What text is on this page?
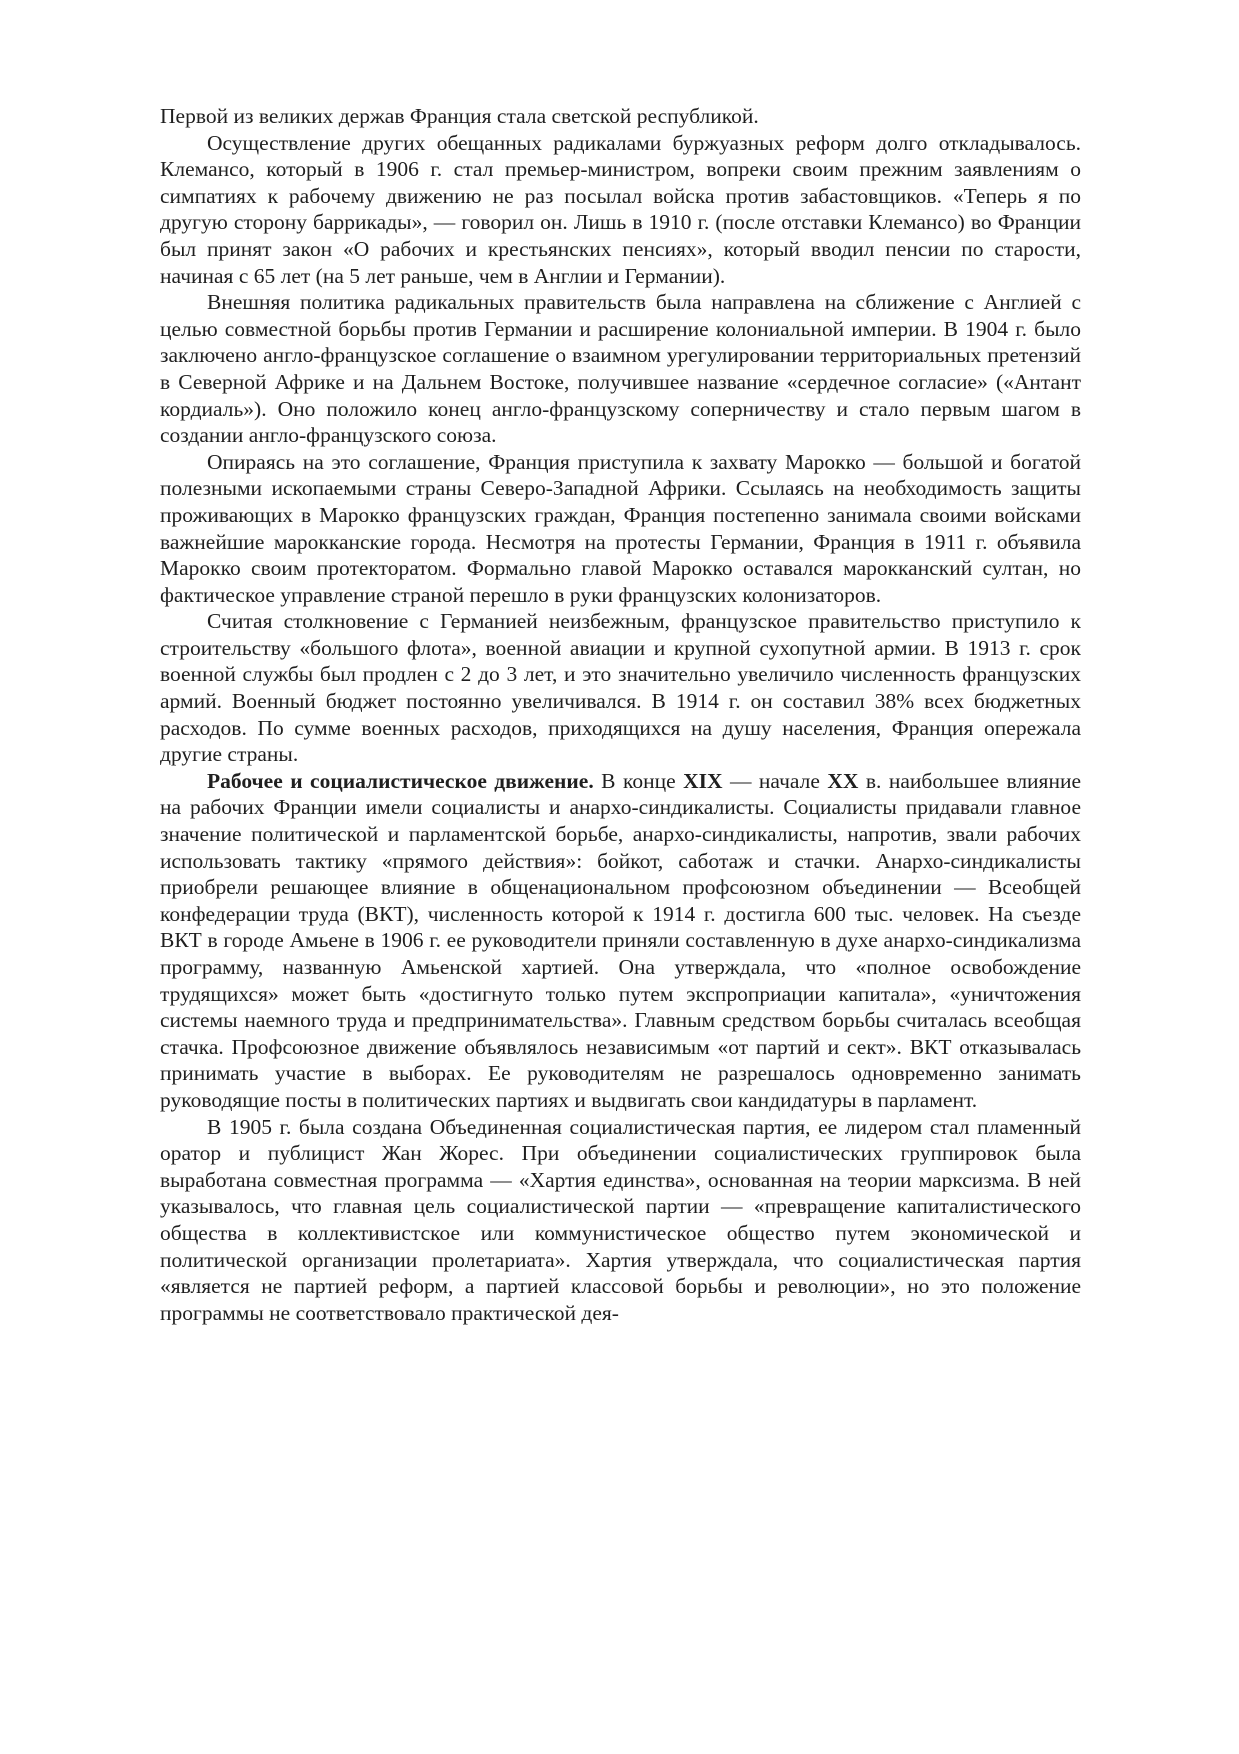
Первой из великих держав Франция стала светской республикой.

Осуществление других обещанных радикалами буржуазных реформ долго откладывалось. Клемансо, который в 1906 г. стал премьер-министром, вопреки своим прежним заявлениям о симпатиях к рабочему движению не раз посылал войска против забастовщиков. «Теперь я по другую сторону баррикады», — говорил он. Лишь в 1910 г. (после отставки Клемансо) во Франции был принят закон «О рабочих и крестьянских пенсиях», который вводил пенсии по старости, начиная с 65 лет (на 5 лет раньше, чем в Англии и Германии).

Внешняя политика радикальных правительств была направлена на сближение с Англией с целью совместной борьбы против Германии и расширение колониальной империи. В 1904 г. было заключено англо-французское соглашение о взаимном урегулировании территориальных претензий в Северной Африке и на Дальнем Востоке, получившее название «сердечное согласие» («Антант кордиаль»). Оно положило конец англо-французскому соперничеству и стало первым шагом в создании англо-французского союза.

Опираясь на это соглашение, Франция приступила к захвату Марокко — большой и богатой полезными ископаемыми страны Северо-Западной Африки. Ссылаясь на необходимость защиты проживающих в Марокко французских граждан, Франция постепенно занимала своими войсками важнейшие марокканские города. Несмотря на протесты Германии, Франция в 1911 г. объявила Марокко своим протекторатом. Формально главой Марокко оставался марокканский султан, но фактическое управление страной перешло в руки французских колонизаторов.

Считая столкновение с Германией неизбежным, французское правительство приступило к строительству «большого флота», военной авиации и крупной сухопутной армии. В 1913 г. срок военной службы был продлен с 2 до 3 лет, и это значительно увеличило численность французских армий. Военный бюджет постоянно увеличивался. В 1914 г. он составил 38% всех бюджетных расходов. По сумме военных расходов, приходящихся на душу населения, Франция опережала другие страны.

Рабочее и социалистическое движение. В конце XIX — начале XX в. наибольшее влияние на рабочих Франции имели социалисты и анархо-синдикалисты. Социалисты придавали главное значение политической и парламентской борьбе, анархо-синдикалисты, напротив, звали рабочих использовать тактику «прямого действия»: бойкот, саботаж и стачки. Анархо-синдикалисты приобрели решающее влияние в общенациональном профсоюзном объединении — Всеобщей конфедерации труда (ВКТ), численность которой к 1914 г. достигла 600 тыс. человек. На съезде ВКТ в городе Амьене в 1906 г. ее руководители приняли составленную в духе анархо-синдикализма программу, названную Амьенской хартией. Она утверждала, что «полное освобождение трудящихся» может быть «достигнуто только путем экспроприации капитала», «уничтожения системы наемного труда и предпринимательства». Главным средством борьбы считалась всеобщая стачка. Профсоюзное движение объявлялось независимым «от партий и сект». ВКТ отказывалась принимать участие в выборах. Ее руководителям не разрешалось одновременно занимать руководящие посты в политических партиях и выдвигать свои кандидатуры в парламент.

В 1905 г. была создана Объединенная социалистическая партия, ее лидером стал пламенный оратор и публицист Жан Жорес. При объединении социалистических группировок была выработана совместная программа — «Хартия единства», основанная на теории марксизма. В ней указывалось, что главная цель социалистической партии — «превращение капиталистического общества в коллективистское или коммунистическое общество путем экономической и политической организации пролетариата». Хартия утверждала, что социалистическая партия «является не партией реформ, а партией классовой борьбы и революции», но это положение программы не соответствовало практической дея-
